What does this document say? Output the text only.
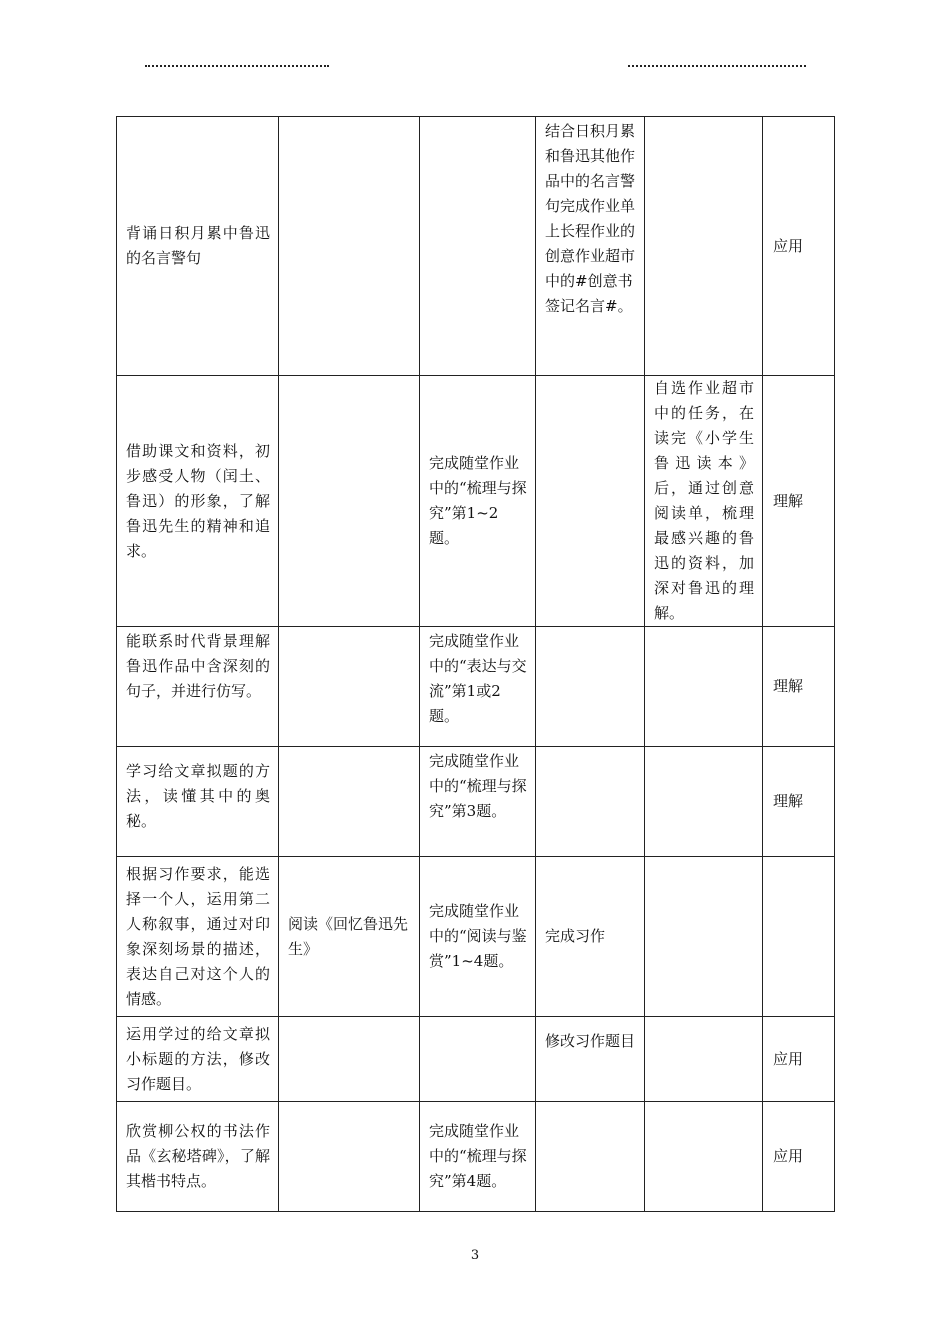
背诵日积月累中鲁迅的名言警句			结合日积月累和鲁迅其他作品中的名言警句完成作业单上长程作业的创意作业超市中的#创意书签记名言#。		应用
借助课文和资料，初步感受人物（闰土、鲁迅）的形象，了解鲁迅先生的精神和追求。		完成随堂作业中的“梳理与探究”第1~2题。		自选作业超市中的任务，在读完《小学生鲁迅读本》后，通过创意阅读单，梳理最感兴趣的鲁迅的资料，加深对鲁迅的理解。	理解
能联系时代背景理解鲁迅作品中含深刻的句子，并进行仿写。		完成随堂作业中的“表达与交流”第1或2题。			理解
学习给文章拟题的方法，读懂其中的奥秘。		完成随堂作业中的“梳理与探究”第3题。			理解
根据习作要求，能选择一个人，运用第二人称叙事，通过对印象深刻场景的描述，表达自己对这个人的情感。	阅读《回忆鲁迅先生》	完成随堂作业中的“阅读与鉴赏”1~4题。	完成习作		
运用学过的给文章拟小标题的方法，修改习作题目。			修改习作题目		应用
欣赏柳公权的书法作品《玄秘塔碑》，了解其楷书特点。		完成随堂作业中的“梳理与探究”第4题。			应用
3
